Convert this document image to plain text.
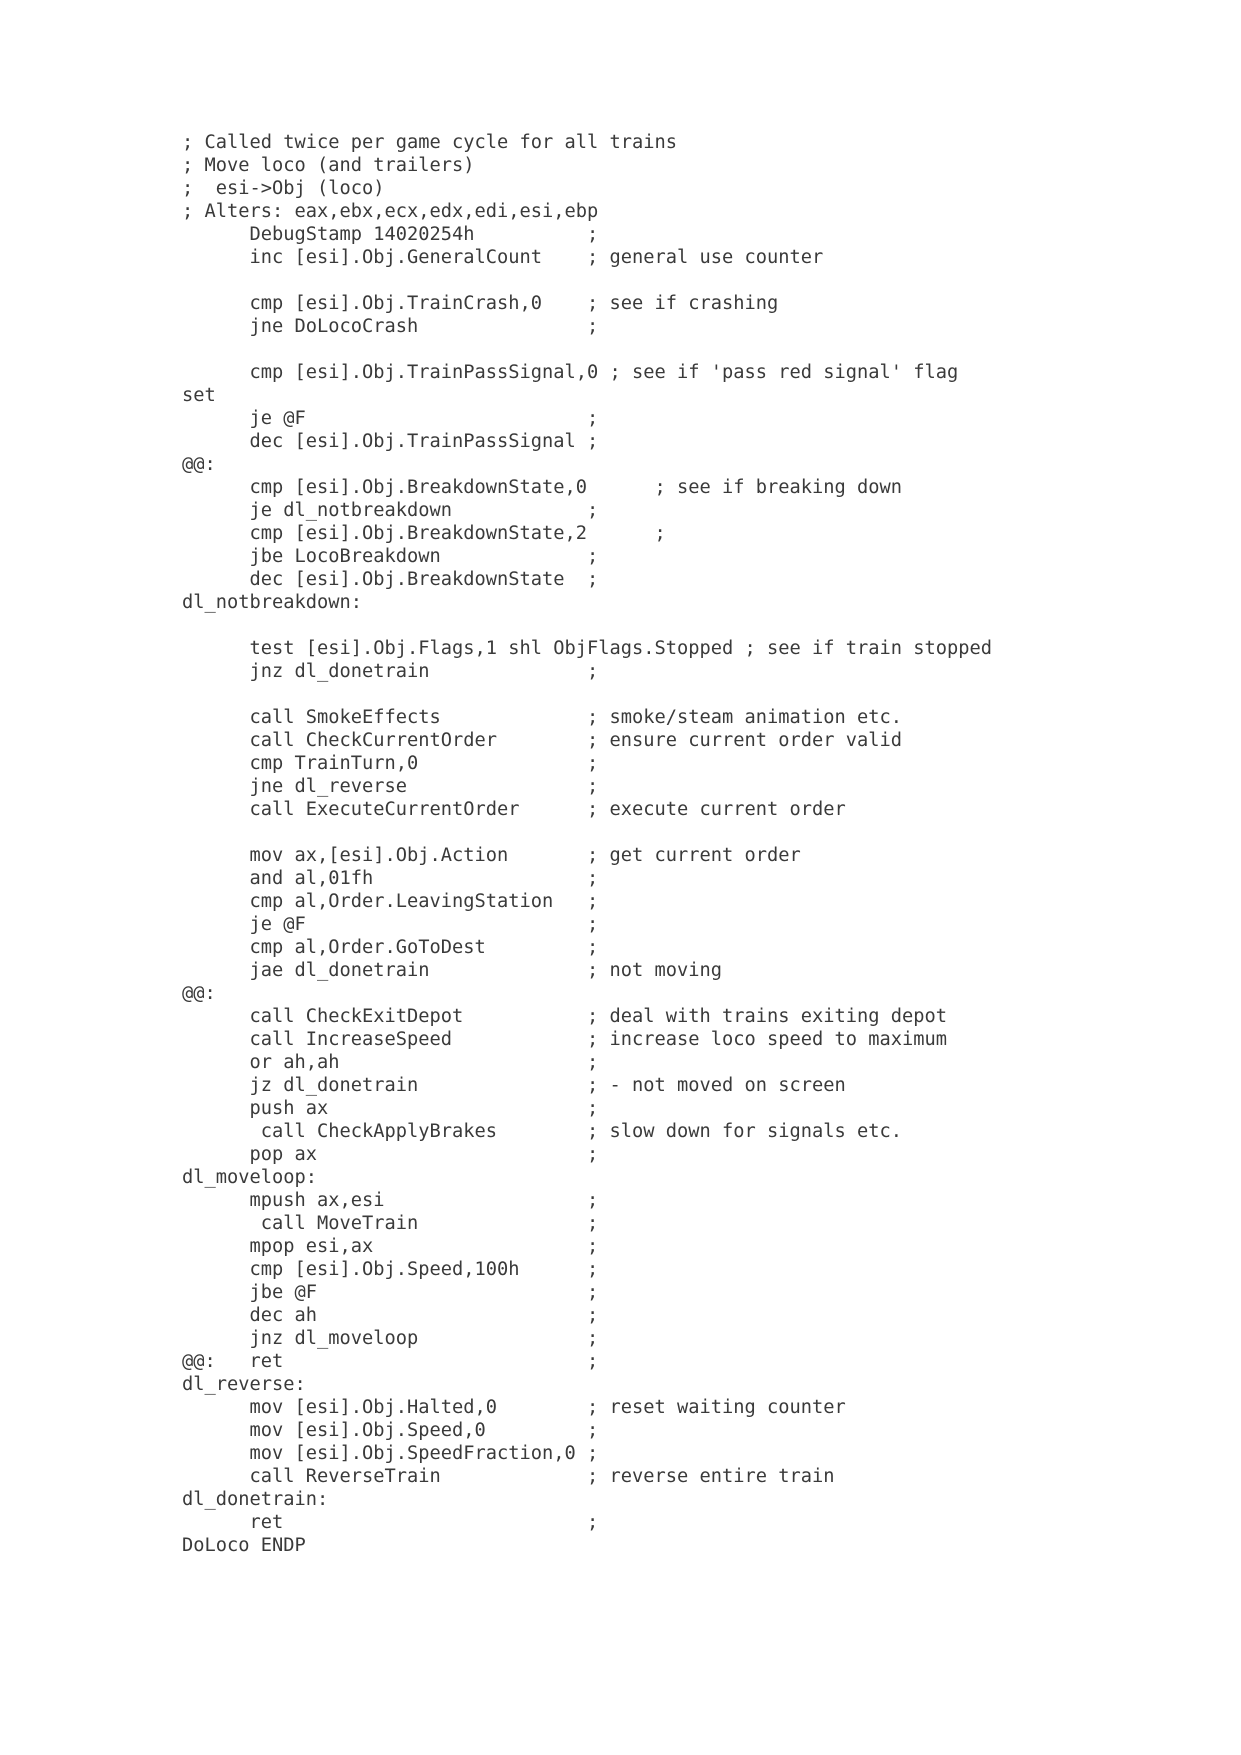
; Called twice per game cycle for all trains
; Move loco (and trailers)
;  esi->Obj (loco)
; Alters: eax,ebx,ecx,edx,edi,esi,ebp
DebugStamp 14020254h          ;
inc [esi].Obj.GeneralCount    ; general use counter
cmp [esi].Obj.TrainCrash,0    ; see if crashing
jne DoLocoCrash               ;
cmp [esi].Obj.TrainPassSignal,0 ; see if 'pass red signal' flag
set
je @F                         ;
dec [esi].Obj.TrainPassSignal ;
@@:
cmp [esi].Obj.BreakdownState,0      ; see if breaking down
je dl_notbreakdown            ;
cmp [esi].Obj.BreakdownState,2      ;
jbe LocoBreakdown             ;
dec [esi].Obj.BreakdownState  ;
dl_notbreakdown:
test [esi].Obj.Flags,1 shl ObjFlags.Stopped ; see if train stopped
jnz dl_donetrain              ;
call SmokeEffects             ; smoke/steam animation etc.
call CheckCurrentOrder        ; ensure current order valid
cmp TrainTurn,0               ;
jne dl_reverse                ;
call ExecuteCurrentOrder      ; execute current order
mov ax,[esi].Obj.Action       ; get current order
and al,01fh                   ;
cmp al,Order.LeavingStation   ;
je @F                         ;
cmp al,Order.GoToDest         ;
jae dl_donetrain              ; not moving
@@:
call CheckExitDepot           ; deal with trains exiting depot
call IncreaseSpeed            ; increase loco speed to maximum
or ah,ah                      ;
jz dl_donetrain               ; - not moved on screen
push ax                       ;
call CheckApplyBrakes        ; slow down for signals etc.
pop ax                        ;
dl_moveloop:
mpush ax,esi                  ;
call MoveTrain               ;
mpop esi,ax                   ;
cmp [esi].Obj.Speed,100h      ;
jbe @F                        ;
dec ah                        ;
jnz dl_moveloop               ;
@@:   ret                           ;
dl_reverse:
mov [esi].Obj.Halted,0        ; reset waiting counter
mov [esi].Obj.Speed,0         ;
mov [esi].Obj.SpeedFraction,0 ;
call ReverseTrain             ; reverse entire train
dl_donetrain:
ret                           ;
DoLoco ENDP
